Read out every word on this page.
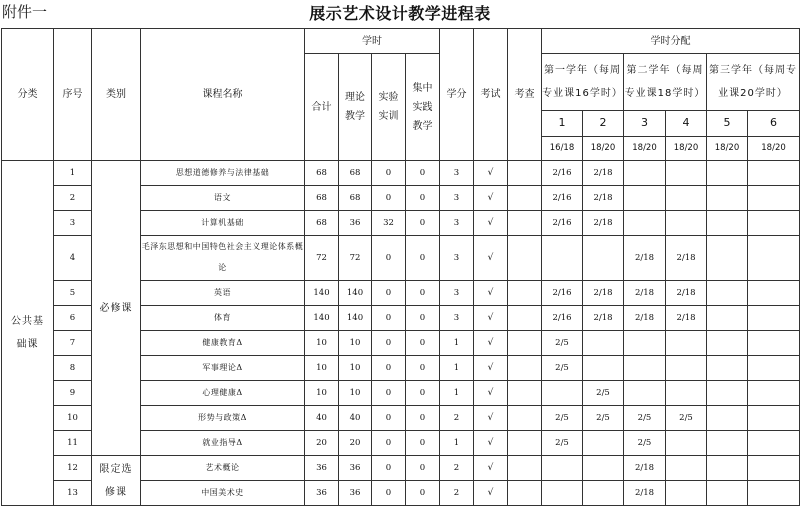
附件一	展示艺术设计教学进程表
分类	序号	类别	课程名称	学时				学分	考试	考查	学时分配					
				合计	理论教学	实验实训	集中实践教学				第一学年（每周专业课16学时）		第二学年（每周专业课18学时）		第三学年（每周专业课20学时）	
											1	2	3	4	5	6
											16/18	18/20	18/20	18/20	18/20	18/20

公共基础课	1	必修课	思想道德修养与法律基础	68	68	0	0	3	√		2/16	2/18				
	2		语文	68	68	0	0	3	√		2/16	2/18				
	3		计算机基础	68	36	32	0	3	√		2/16	2/18				
	4		毛泽东思想和中国特色社会主义理论体系概论	72	72	0	0	3	√				2/18	2/18		
	5		英语	140	140	0	0	3	√		2/16	2/18	2/18	2/18		
	6		体育	140	140	0	0	3	√		2/16	2/18	2/18	2/18		
	7		健康教育Δ	10	10	0	0	1	√		2/5					
	8		军事理论Δ	10	10	0	0	1	√		2/5					
	9		心理健康Δ	10	10	0	0	1	√			2/5				
	10		形势与政策Δ	40	40	0	0	2	√		2/5	2/5	2/5	2/5		
	11		就业指导Δ	20	20	0	0	1	√		2/5		2/5			
	12	限定选修课	艺术概论	36	36	0	0	2	√				2/18			
	13		中国美术史	36	36	0	0	2	√				2/18			
